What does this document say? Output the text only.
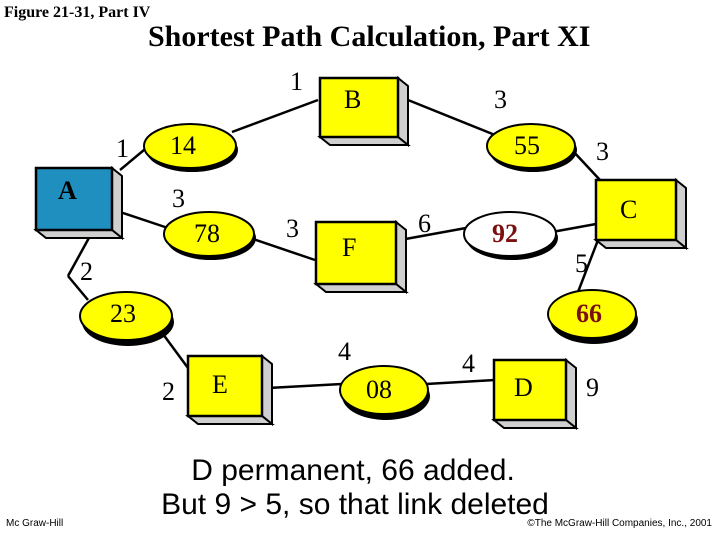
Figure 21-31, Part IV
Shortest Path Calculation, Part XI
A
B
C
F
E	D
14	55
78	92
23	66
08
1
1
3
3
3
3	6
5
2
2
4	4
9
D permanent, 66 added.
But 9 > 5, so that link deleted
Mc Graw-Hill	©The McGraw-Hill Companies, Inc., 2001
